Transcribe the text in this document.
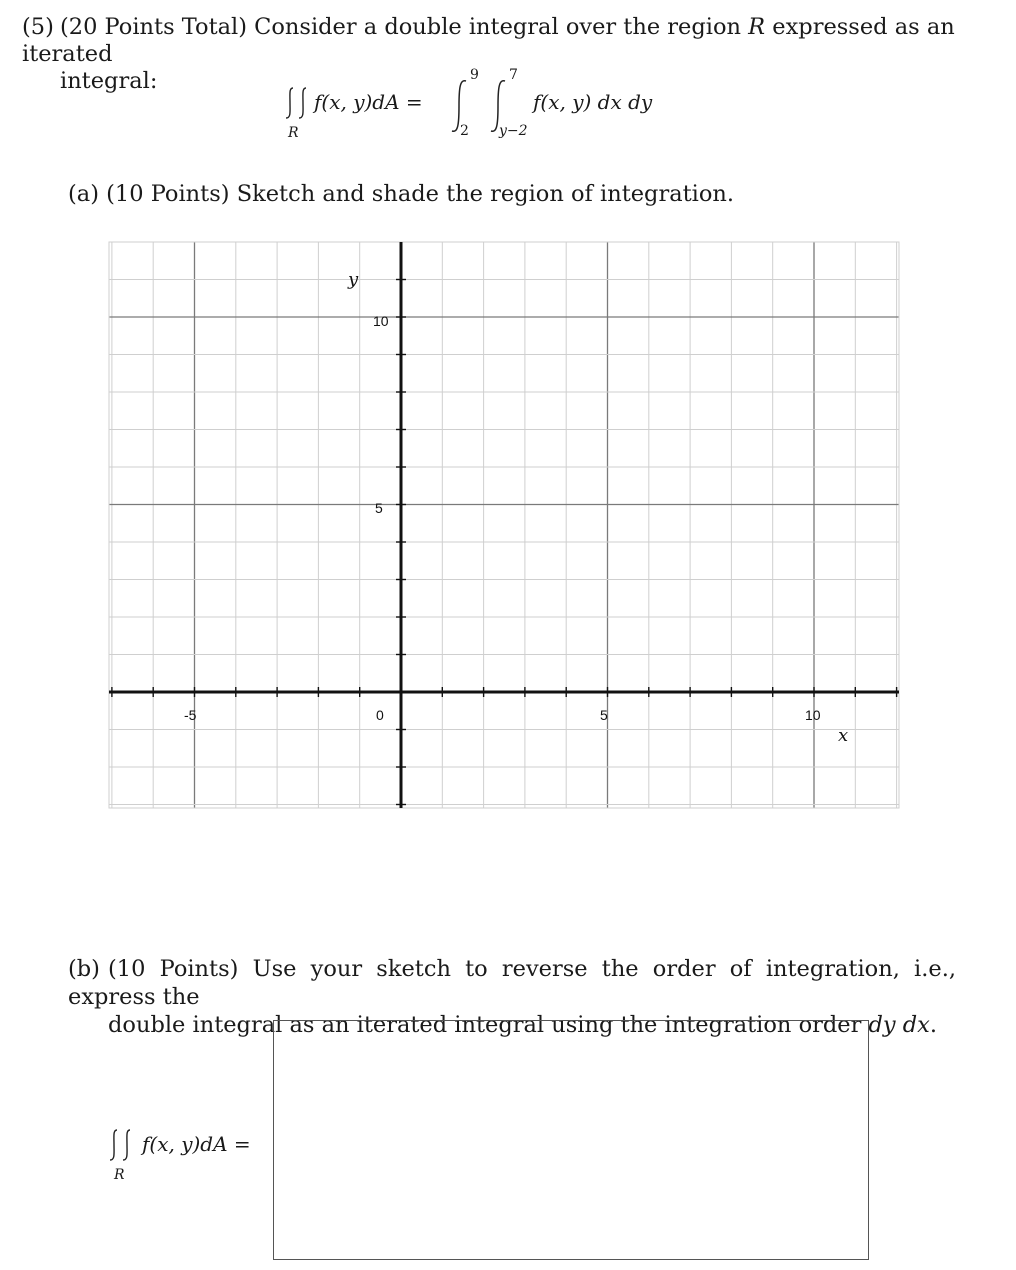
(5) (20 Points Total) Consider a double integral over the region R expressed as an iterated
integral:
R
f(x, y)dA =
9
2
7
y−2
f(x, y) dx dy
(a) (10 Points) Sketch and shade the region of integration.
-5	0	5	10
10
5
x
y
(b) (10 Points) Use your sketch to reverse the order of integration, i.e., express the
double integral as an iterated integral using the integration order dy dx.
R
f(x, y)dA =
